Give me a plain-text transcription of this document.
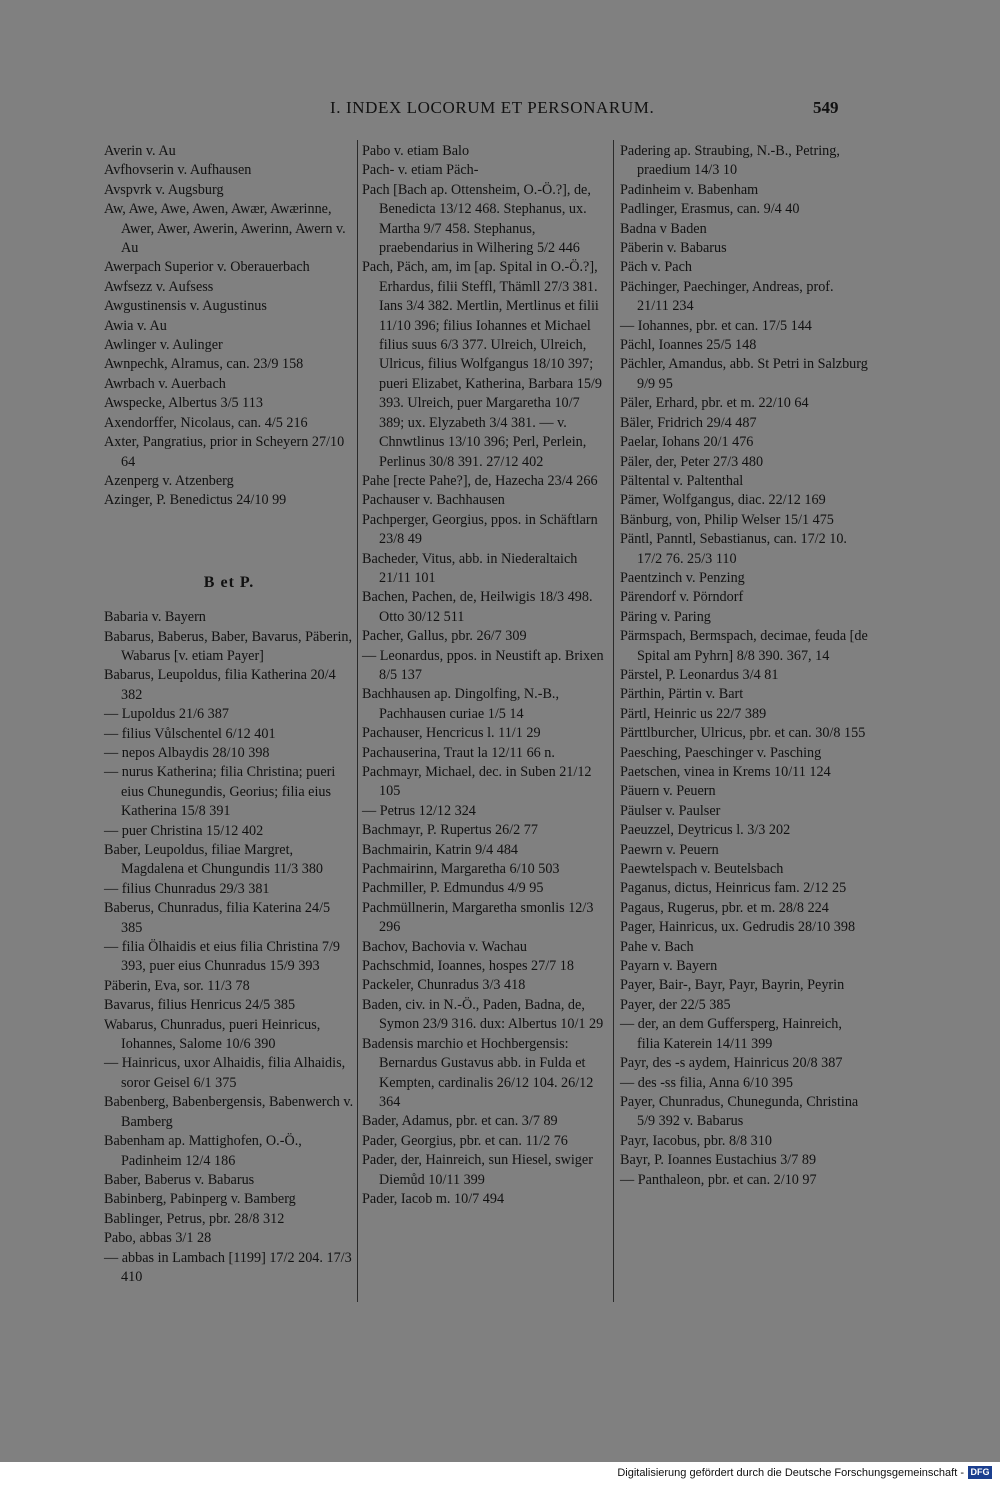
I. INDEX LOCORUM ET PERSONARUM.	549
Averin v. Au
Avfhovserin v. Aufhausen
Avspvrk v. Augsburg
Aw, Awe, Awe, Awen, Awær, Awærinne, Awer, Awer, Awerin, Awerinn, Awern v. Au
Awerpach Superior v. Oberauerbach
Awfsezz v. Aufsess
Awgustinensis v. Augustinus
Awia v. Au
Awlinger v. Aulinger
Awnpechk, Alramus, can. 23/9 158
Awrbach v. Auerbach
Awspecke, Albertus 3/5 113
Axendorffer, Nicolaus, can. 4/5 216
Axter, Pangratius, prior in Scheyern 27/10 64
Azenperg v. Atzenberg
Azinger, P. Benedictus 24/10 99
B et P.
Babaria v. Bayern
Babarus, Baberus, Baber, Bavarus, Päberin, Wabarus [v. etiam Payer]
Babarus, Leupoldus, filia Katherina 20/4 382
— Lupoldus 21/6 387
— filius Vůlschentel 6/12 401
— nepos Albaydis 28/10 398
— nurus Katherina; filia Christina; pueri eius Chunegundis, Georius; filia eius Katherina 15/8 391
— puer Christina 15/12 402
Baber, Leupoldus, filiae Margret, Magdalena et Chungundis 11/3 380
— filius Chunradus 29/3 381
Baberus, Chunradus, filia Katerina 24/5 385
— filia Ölhaidis et eius filia Christina 7/9 393, puer eius Chunradus 15/9 393
Päberin, Eva, sor. 11/3 78
Bavarus, filius Henricus 24/5 385
Wabarus, Chunradus, pueri Heinricus, Iohannes, Salome 10/6 390
— Hainricus, uxor Alhaidis, filia Alhaidis, soror Geisel 6/1 375
Babenberg, Babenbergensis, Babenwerch v. Bamberg
Babenham ap. Mattighofen, O.-Ö., Padinheim 12/4 186
Baber, Baberus v. Babarus
Babinberg, Pabinperg v. Bamberg
Bablinger, Petrus, pbr. 28/8 312
Pabo, abbas 3/1 28
— abbas in Lambach [1199] 17/2 204. 17/3 410
Pabo v. etiam Balo
Pach- v. etiam Päch-
Pach [Bach ap. Ottensheim, O.-Ö.?], de, Benedicta 13/12 468. Stephanus, ux. Martha 9/7 458. Stephanus, praebendarius in Wilhering 5/2 446
Pach, Päch, am, im [ap. Spital in O.-Ö.?], Erhardus, filii Steffl, Thämll 27/3 381. Ians 3/4 382. Mertlin, Mertlinus et filii 11/10 396; filius Iohannes et Michael filius suus 6/3 377. Ulreich, Ulreich, Ulricus, filius Wolfgangus 18/10 397; pueri Elizabet, Katherina, Barbara 15/9 393. Ulreich, puer Margaretha 10/7 389; ux. Elyzabeth 3/4 381. — v. Chnwtlinus 13/10 396; Perl, Perlein, Perlinus 30/8 391. 27/12 402
Pahe [recte Pahe?], de, Hazecha 23/4 266
Pachauser v. Bachhausen
Pachperger, Georgius, ppos. in Schäftlarn 23/8 49
Bacheder, Vitus, abb. in Niederaltaich 21/11 101
Bachen, Pachen, de, Heilwigis 18/3 498. Otto 30/12 511
Pacher, Gallus, pbr. 26/7 309
— Leonardus, ppos. in Neustift ap. Brixen 8/5 137
Bachhausen ap. Dingolfing, N.-B., Pachhausen curiae 1/5 14
Pachauser, Hencricus l. 11/1 29
Pachauserina, Traut la 12/11 66 n.
Pachmayr, Michael, dec. in Suben 21/12 105
— Petrus 12/12 324
Bachmayr, P. Rupertus 26/2 77
Bachmairin, Katrin 9/4 484
Pachmairinn, Margaretha 6/10 503
Pachmiller, P. Edmundus 4/9 95
Pachmüllnerin, Margaretha smonlis 12/3 296
Bachov, Bachovia v. Wachau
Pachschmid, Ioannes, hospes 27/7 18
Packeler, Chunradus 3/3 418
Baden, civ. in N.-Ö., Paden, Badna, de, Symon 23/9 316. dux: Albertus 10/1 29
Badensis marchio et Hochbergensis: Bernardus Gustavus abb. in Fulda et Kempten, cardinalis 26/12 104. 26/12 364
Bader, Adamus, pbr. et can. 3/7 89
Pader, Georgius, pbr. et can. 11/2 76
Pader, der, Hainreich, sun Hiesel, swiger Diemůd 10/11 399
Pader, Iacob m. 10/7 494
Padering ap. Straubing, N.-B., Petring, praedium 14/3 10
Padinheim v. Babenham
Padlinger, Erasmus, can. 9/4 40
Badna v Baden
Päberin v. Babarus
Päch v. Pach
Pächinger, Paechinger, Andreas, prof. 21/11 234
— Iohannes, pbr. et can. 17/5 144
Pächl, Ioannes 25/5 148
Pächler, Amandus, abb. St Petri in Salzburg 9/9 95
Päler, Erhard, pbr. et m. 22/10 64
Bäler, Fridrich 29/4 487
Paelar, Iohans 20/1 476
Päler, der, Peter 27/3 480
Pältental v. Paltenthal
Pämer, Wolfgangus, diac. 22/12 169
Bänburg, von, Philip Welser 15/1 475
Päntl, Panntl, Sebastianus, can. 17/2 10. 17/2 76. 25/3 110
Paentzinch v. Penzing
Pärendorf v. Pörndorf
Päring v. Paring
Pärmspach, Bermspach, decimae, feuda [de Spital am Pyhrn] 8/8 390. 367, 14
Pärstel, P. Leonardus 3/4 81
Pärthin, Pärtin v. Bart
Pärtl, Heinric us 22/7 389
Pärttlburcher, Ulricus, pbr. et can. 30/8 155
Paesching, Paeschinger v. Pasching
Paetschen, vinea in Krems 10/11 124
Päuern v. Peuern
Päulser v. Paulser
Paeuzzel, Deytricus l. 3/3 202
Paewrn v. Peuern
Paewtelspach v. Beutelsbach
Paganus, dictus, Heinricus fam. 2/12 25
Pagaus, Rugerus, pbr. et m. 28/8 224
Pager, Hainricus, ux. Gedrudis 28/10 398
Pahe v. Bach
Payarn v. Bayern
Payer, Bair-, Bayr, Payr, Bayrin, Peyrin
Payer, der 22/5 385
— der, an dem Guffersperg, Hainreich, filia Katerein 14/11 399
Payr, des -s aydem, Hainricus 20/8 387
— des -ss filia, Anna 6/10 395
Payer, Chunradus, Chunegunda, Christina 5/9 392 v. Babarus
Payr, Iacobus, pbr. 8/8 310
Bayr, P. Ioannes Eustachius 3/7 89
— Panthaleon, pbr. et can. 2/10 97
Digitalisierung gefördert durch die Deutsche Forschungsgemeinschaft - DFG
